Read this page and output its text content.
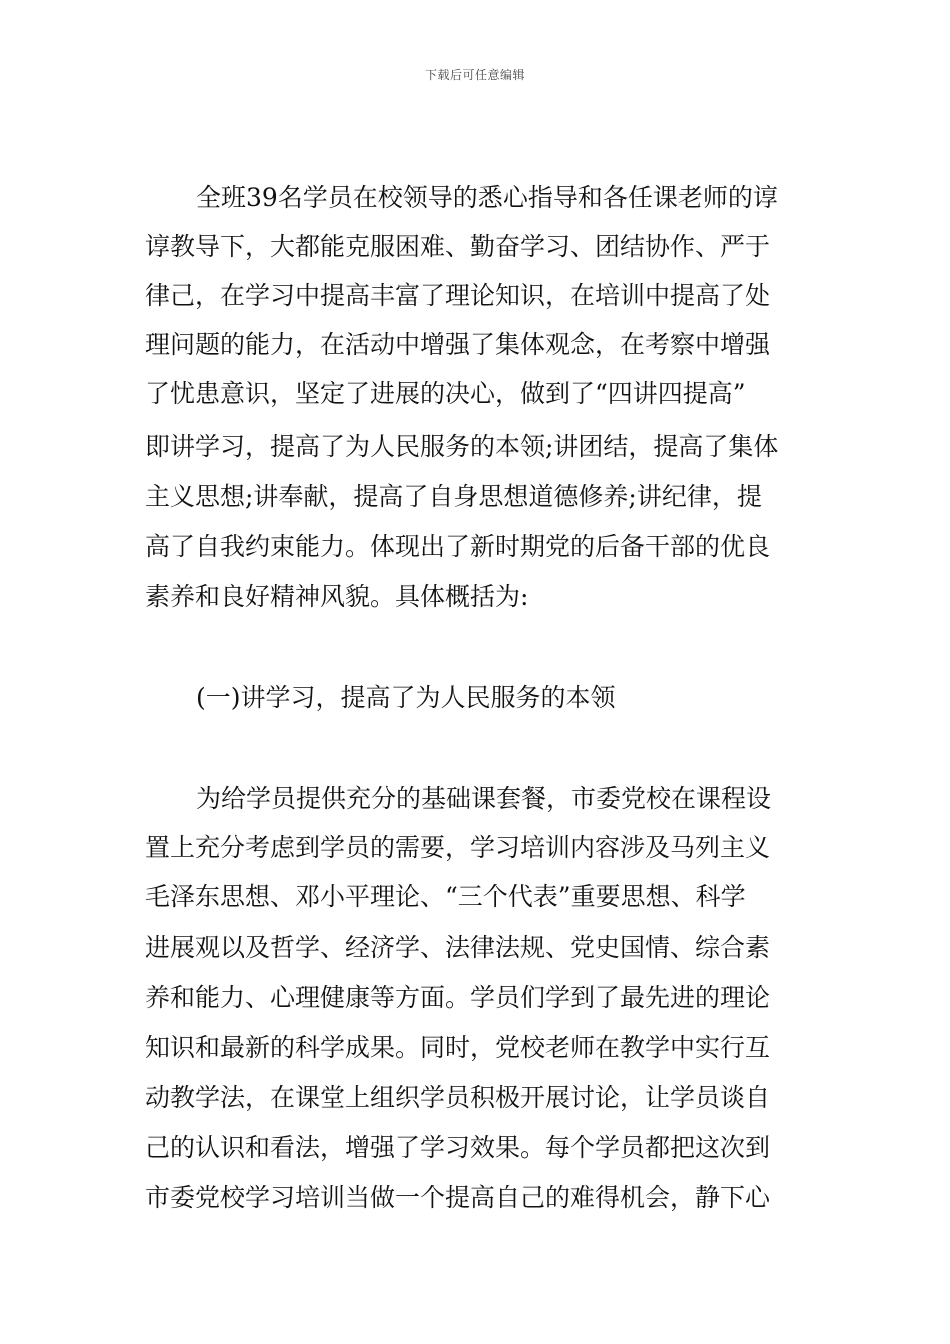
下载后可任意编辑
全班39名学员在校领导的悉心指导和各任课老师的谆
谆教导下，大都能克服困难、勤奋学习、团结协作、严于
律己，在学习中提高丰富了理论知识，在培训中提高了处
理问题的能力，在活动中增强了集体观念，在考察中增强
了忧患意识，坚定了进展的决心，做到了“四讲四提高”
即讲学习，提高了为人民服务的本领;讲团结，提高了集体
主义思想;讲奉献，提高了自身思想道德修养;讲纪律，提
高了自我约束能力。体现出了新时期党的后备干部的优良
素养和良好精神风貌。具体概括为:
(一)讲学习，提高了为人民服务的本领
为给学员提供充分的基础课套餐，市委党校在课程设
置上充分考虑到学员的需要，学习培训内容涉及马列主义
毛泽东思想、邓小平理论、“三个代表”重要思想、科学
进展观以及哲学、经济学、法律法规、党史国情、综合素
养和能力、心理健康等方面。学员们学到了最先进的理论
知识和最新的科学成果。同时，党校老师在教学中实行互
动教学法，在课堂上组织学员积极开展讨论，让学员谈自
己的认识和看法，增强了学习效果。每个学员都把这次到
市委党校学习培训当做一个提高自己的难得机会，静下心
